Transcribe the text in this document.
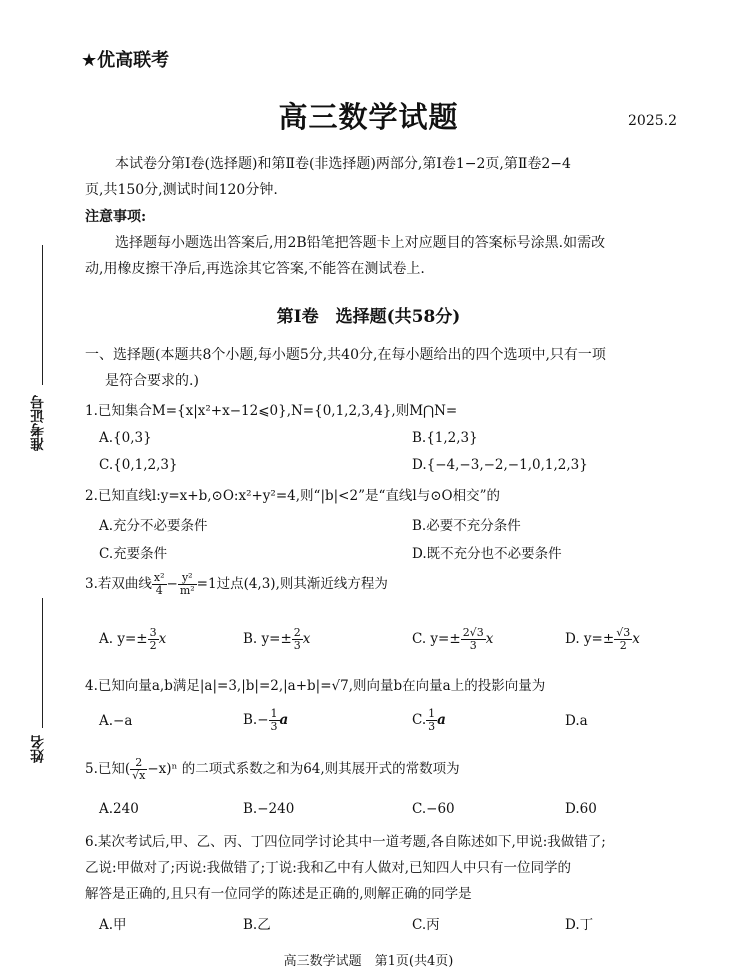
★优高联考
高三数学试题	2025.2
本试卷分第Ⅰ卷(选择题)和第Ⅱ卷(非选择题)两部分,第Ⅰ卷1−2页,第Ⅱ卷2−4
页,共150分,测试时间120分钟.
注意事项:
选择题每小题选出答案后,用2B铅笔把答题卡上对应题目的答案标号涂黑.如需改
动,用橡皮擦干净后,再选涂其它答案,不能答在测试卷上.
第Ⅰ卷　选择题(共58分)
一、选择题(本题共8个小题,每小题5分,共40分,在每小题给出的四个选项中,只有一项
是符合要求的.)
准考证号
姓名
1.已知集合M={x|x²+x−12⩽0},N={0,1,2,3,4},则M⋂N=
A.{0,3}	B.{1,2,3}
C.{0,1,2,3}	D.{−4,−3,−2,−1,0,1,2,3}
2.已知直线l:y=x+b,⊙O:x²+y²=4,则“|b|<2”是“直线l与⊙O相交”的
A.充分不必要条件	B.必要不充分条件
C.充要条件	D.既不充分也不必要条件
3.若双曲线 $\frac{\text{x²}}{4} - \frac{\text{y²}}{\text{m²}} =1$过点(4,3),则其渐近线方程为
A. $y=\pm \frac{3}{2}$ x	B. $y=\pm \frac{2}{3}$ x	C. $y=\pm \frac{2√3}{3}$ x	D. $y=\pm \frac{√3}{2}$ x
4.已知向量a,b满足|a|=3,|b|=2,|a+b|=√7,则向量b在向量a上的投影向量为
A.−a	$B.- \frac{1}{3}$ a	C. $\frac{1}{3}$ a	D.a
5.已知( $\frac{2}{√x} -x)^n$ 的二项式系数之和为64,则其展开式的常数项为
A.240	B.−240	C.−60	D.60
6.某次考试后,甲、乙、丙、丁四位同学讨论其中一道考题,各自陈述如下,甲说:我做错了;
乙说:甲做对了;丙说:我做错了;丁说:我和乙中有人做对,已知四人中只有一位同学的
解答是正确的,且只有一位同学的陈述是正确的,则解正确的同学是
A.甲	B.乙	C.丙	D.丁
高三数学试题　第1页(共4页)
